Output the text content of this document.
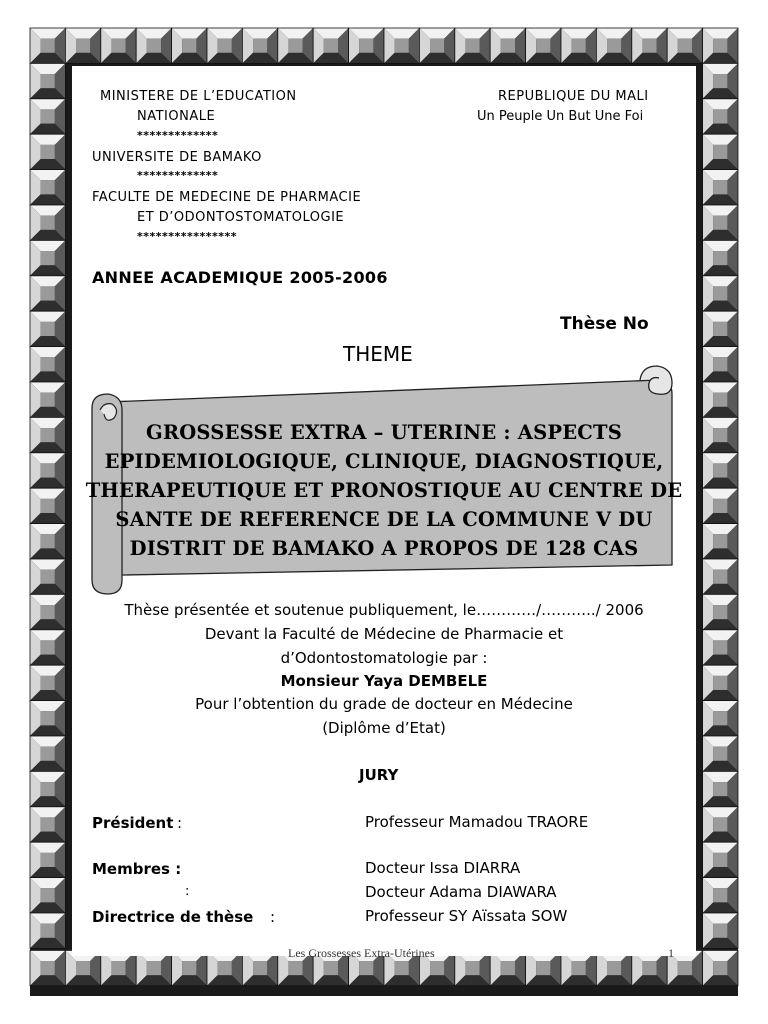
MINISTERE DE L’EDUCATION
NATIONALE
*************
UNIVERSITE DE BAMAKO
*************
FACULTE DE MEDECINE DE PHARMACIE
ET D’ODONTOSTOMATOLOGIE
****************
REPUBLIQUE DU MALI
Un Peuple Un But Une Foi
ANNEE ACADEMIQUE 2005-2006
Thèse No
THEME
GROSSESSE EXTRA – UTERINE : ASPECTS EPIDEMIOLOGIQUE, CLINIQUE, DIAGNOSTIQUE, THERAPEUTIQUE ET PRONOSTIQUE AU CENTRE DE SANTE DE REFERENCE DE LA COMMUNE V DU DISTRIT DE BAMAKO A PROPOS DE 128 CAS
Thèse présentée et soutenue publiquement, le…………/………../ 2006
Devant la Faculté de Médecine de Pharmacie et
d’Odontostomatologie par :
Monsieur Yaya DEMBELE
Pour l’obtention du grade de docteur en Médecine
(Diplôme d’Etat)
JURY
Président :	Professeur Mamadou TRAORE
Membres :	Docteur Issa DIARRA
:	Docteur Adama DIAWARA
Directrice de thèse :	Professeur SY Aïssata SOW
Les Grossesses Extra-Utérines	1
